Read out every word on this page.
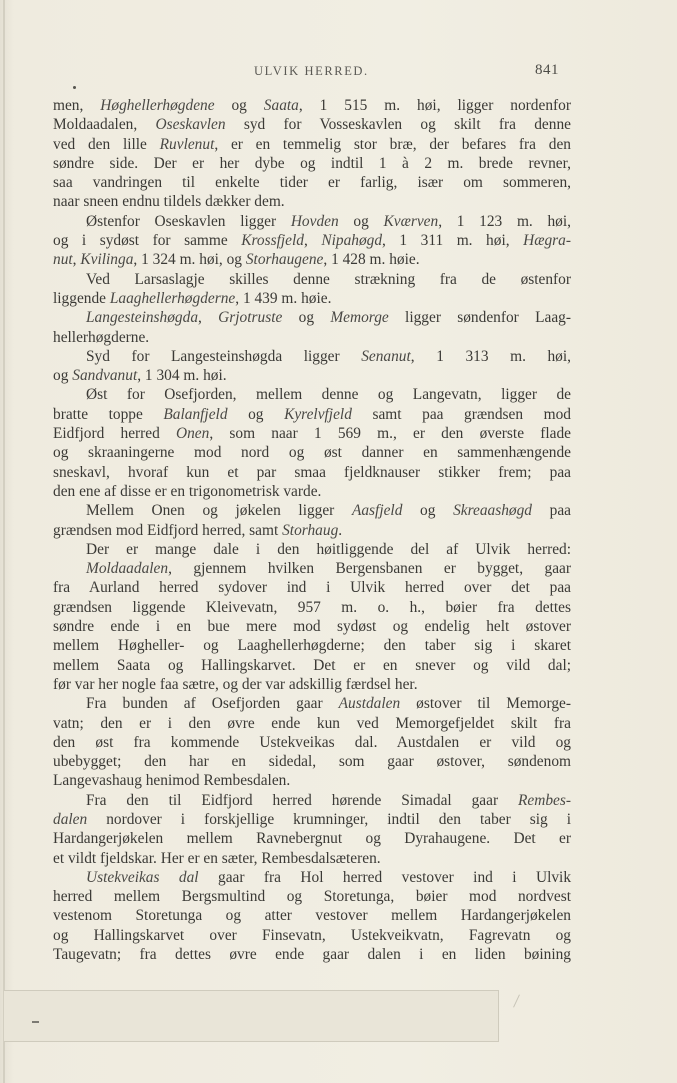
ULVIK HERRED.	841
men, Høghellerhøgdene og Saata, 1 515 m. høi, ligger nordenfor
Moldaadalen, Oseskavlen syd for Vosseskavlen og skilt fra denne
ved den lille Ruvlenut, er en temmelig stor bræ, der befares fra den
søndre side. Der er her dybe og indtil 1 à 2 m. brede revner,
saa vandringen til enkelte tider er farlig, især om sommeren,
naar sneen endnu tildels dækker dem.
Østenfor Oseskavlen ligger Hovden og Kværven, 1 123 m. høi,
og i sydøst for samme Krossfjeld, Nipahøgd, 1 311 m. høi, Hægra-
nut, Kvilinga, 1 324 m. høi, og Storhaugene, 1 428 m. høie.
Ved Larsaslagje skilles denne strækning fra de østenfor
liggende Laaghellerhøgderne, 1 439 m. høie.
Langesteinshøgda, Grjotruste og Memorge ligger søndenfor Laag-
hellerhøgderne.
Syd for Langesteinshøgda ligger Senanut, 1 313 m. høi,
og Sandvanut, 1 304 m. høi.
Øst for Osefjorden, mellem denne og Langevatn, ligger de
bratte toppe Balanfjeld og Kyrelvfjeld samt paa grændsen mod
Eidfjord herred Onen, som naar 1 569 m., er den øverste flade
og skraaningerne mod nord og øst danner en sammenhængende
sneskavl, hvoraf kun et par smaa fjeldknauser stikker frem; paa
den ene af disse er en trigonometrisk varde.
Mellem Onen og jøkelen ligger Aasfjeld og Skreaashøgd paa
grændsen mod Eidfjord herred, samt Storhaug.
Der er mange dale i den høitliggende del af Ulvik herred:
Moldaadalen, gjennem hvilken Bergensbanen er bygget, gaar
fra Aurland herred sydover ind i Ulvik herred over det paa
grændsen liggende Kleivevatn, 957 m. o. h., bøier fra dettes
søndre ende i en bue mere mod sydøst og endelig helt østover
mellem Høgheller- og Laaghellerhøgderne; den taber sig i skaret
mellem Saata og Hallingskarvet. Det er en snever og vild dal;
før var her nogle faa sætre, og der var adskillig færdsel her.
Fra bunden af Osefjorden gaar Austdalen østover til Memorge-
vatn; den er i den øvre ende kun ved Memorgefjeldet skilt fra
den øst fra kommende Ustekveikas dal. Austdalen er vild og
ubebygget; den har en sidedal, som gaar østover, søndenom
Langevashaug henimod Rembesdalen.
Fra den til Eidfjord herred hørende Simadal gaar Rembes-
dalen nordover i forskjellige krumninger, indtil den taber sig i
Hardangerjøkelen mellem Ravnebergnut og Dyrahaugene. Det er
et vildt fjeldskar. Her er en sæter, Rembesdalsæteren.
Ustekveikas dal gaar fra Hol herred vestover ind i Ulvik
herred mellem Bergsmultind og Storetunga, bøier mod nordvest
vestenom Storetunga og atter vestover mellem Hardangerjøkelen
og Hallingskarvet over Finsevatn, Ustekveikvatn, Fagrevatn og
Taugevatn; fra dettes øvre ende gaar dalen i en liden bøining
